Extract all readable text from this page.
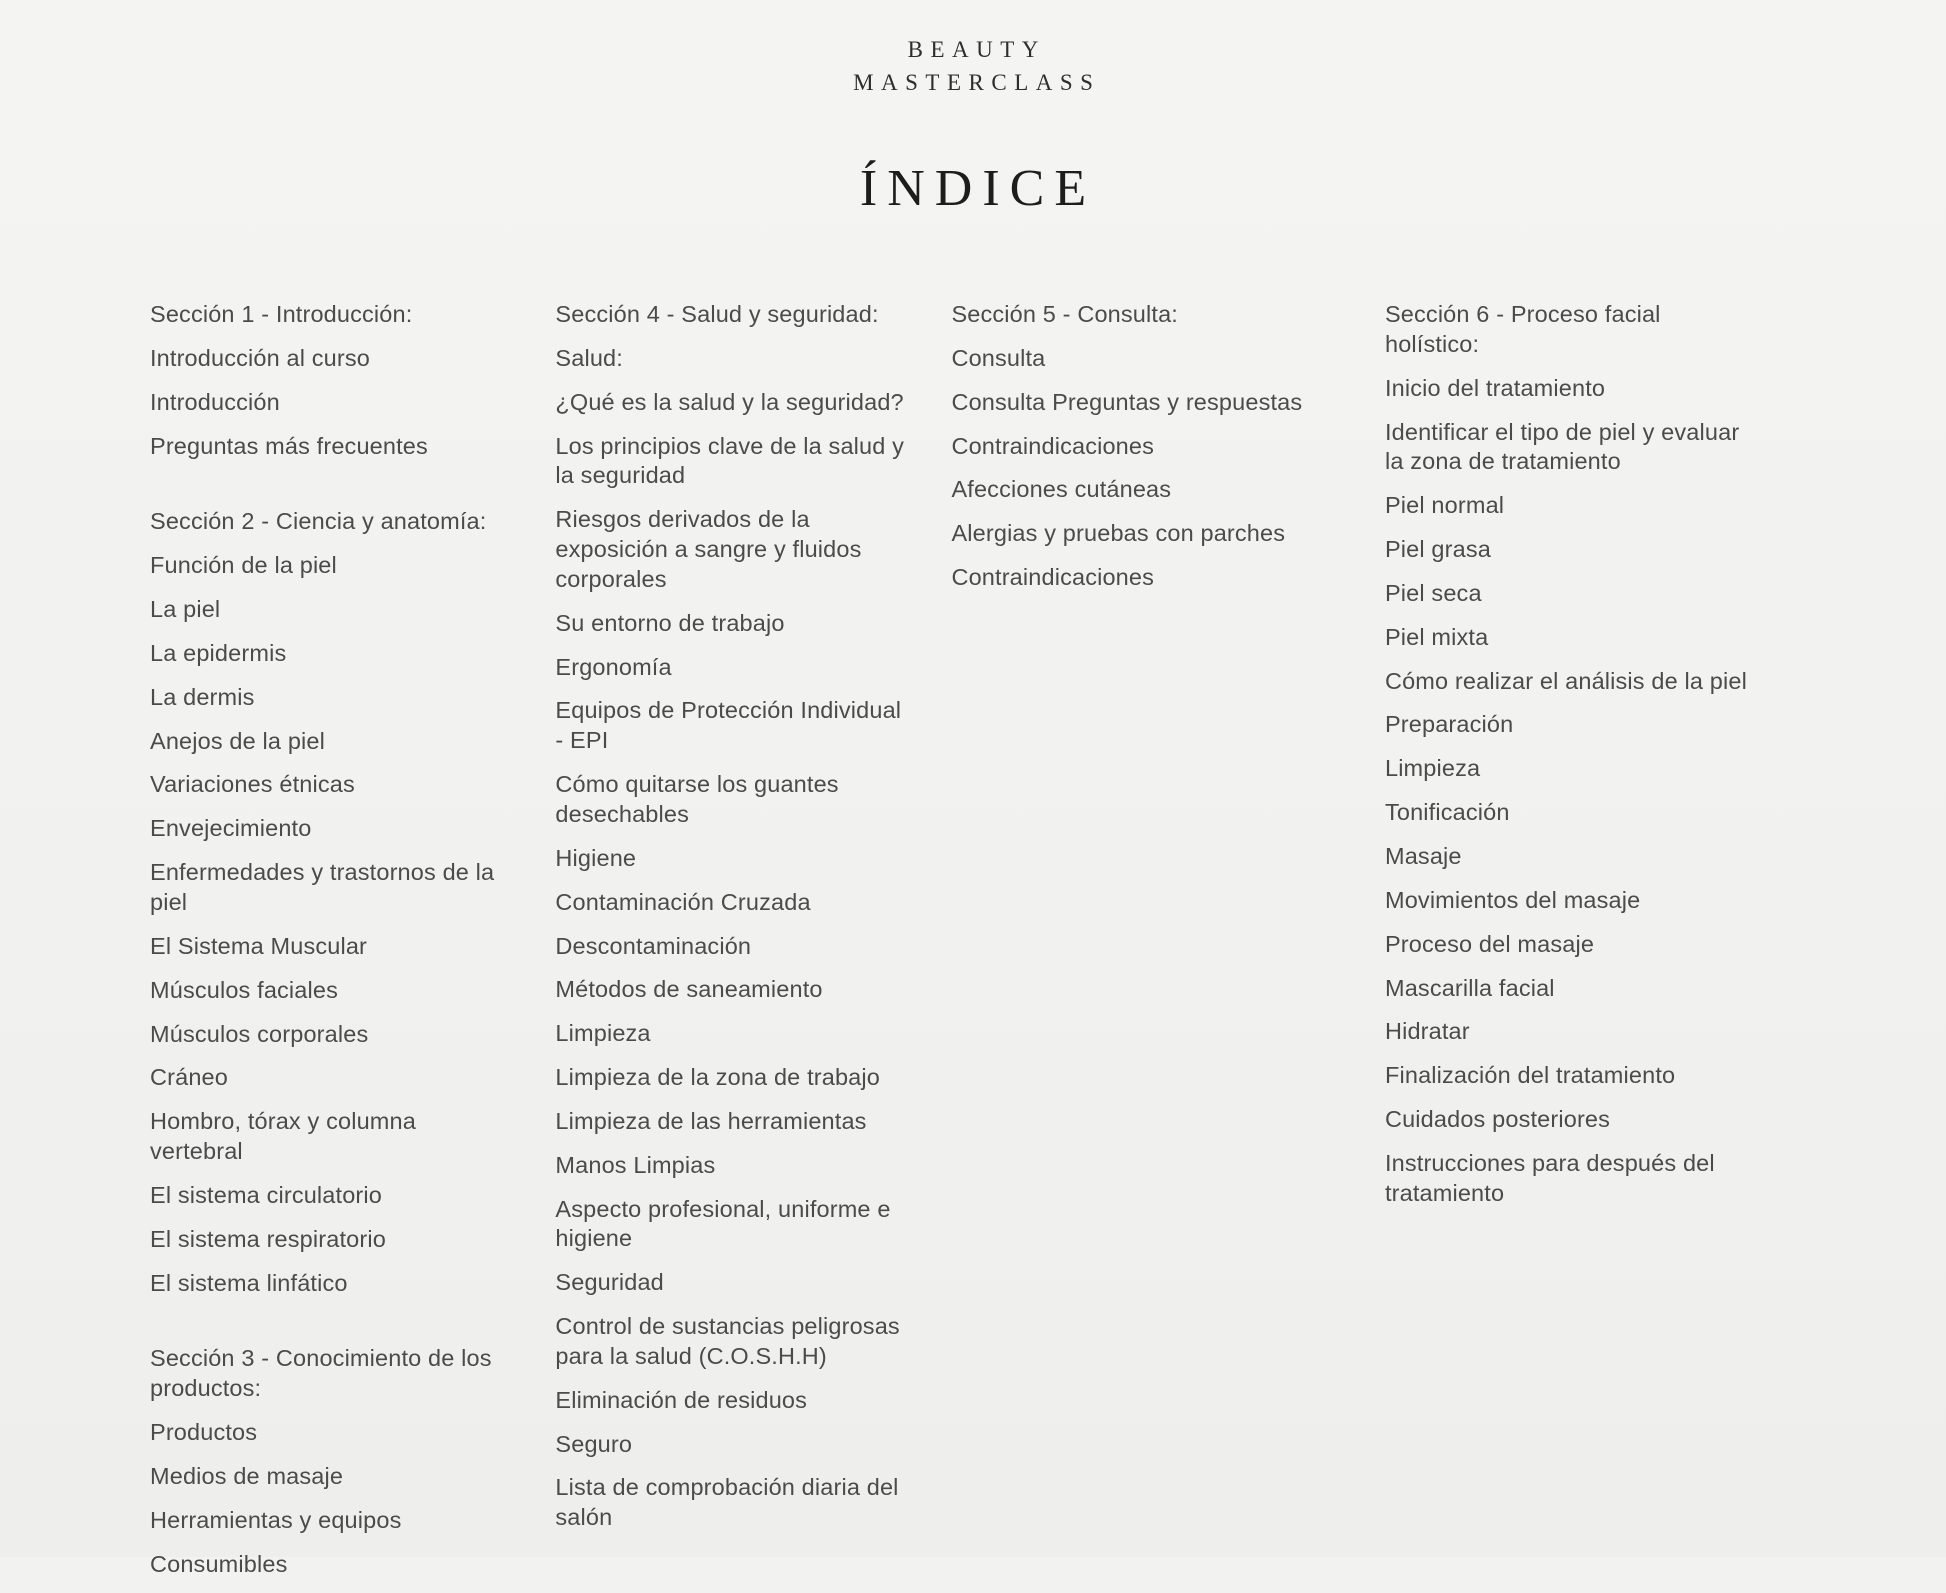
BEAUTY
MASTERCLASS
ÍNDICE
Sección 1 - Introducción:
Introducción al curso
Introducción
Preguntas más frecuentes
Sección 2 - Ciencia y anatomía:
Función de la piel
La piel
La epidermis
La dermis
Anejos de la piel
Variaciones étnicas
Envejecimiento
Enfermedades y trastornos de la piel
El Sistema Muscular
Músculos faciales
Músculos corporales
Cráneo
Hombro, tórax y columna vertebral
El sistema circulatorio
El sistema respiratorio
El sistema linfático
Sección 3 - Conocimiento de los productos:
Productos
Medios de masaje
Herramientas y equipos
Consumibles
Sección 4 - Salud y seguridad:
Salud:
¿Qué es la salud y la seguridad?
Los principios clave de la salud y la seguridad
Riesgos derivados de la exposición a sangre y fluidos corporales
Su entorno de trabajo
Ergonomía
Equipos de Protección Individual - EPI
Cómo quitarse los guantes desechables
Higiene
Contaminación Cruzada
Descontaminación
Métodos de saneamiento
Limpieza
Limpieza de la zona de trabajo
Limpieza de las herramientas
Manos Limpias
Aspecto profesional, uniforme e higiene
Seguridad
Control de sustancias peligrosas para la salud (C.O.S.H.H)
Eliminación de residuos
Seguro
Lista de comprobación diaria del salón
Sección 5 - Consulta:
Consulta
Consulta Preguntas y respuestas
Contraindicaciones
Afecciones cutáneas
Alergias y pruebas con parches
Contraindicaciones
Sección 6 - Proceso facial holístico:
Inicio del tratamiento
Identificar el tipo de piel y evaluar la zona de tratamiento
Piel normal
Piel grasa
Piel seca
Piel mixta
Cómo realizar el análisis de la piel
Preparación
Limpieza
Tonificación
Masaje
Movimientos del masaje
Proceso del masaje
Mascarilla facial
Hidratar
Finalización del tratamiento
Cuidados posteriores
Instrucciones para después del tratamiento
